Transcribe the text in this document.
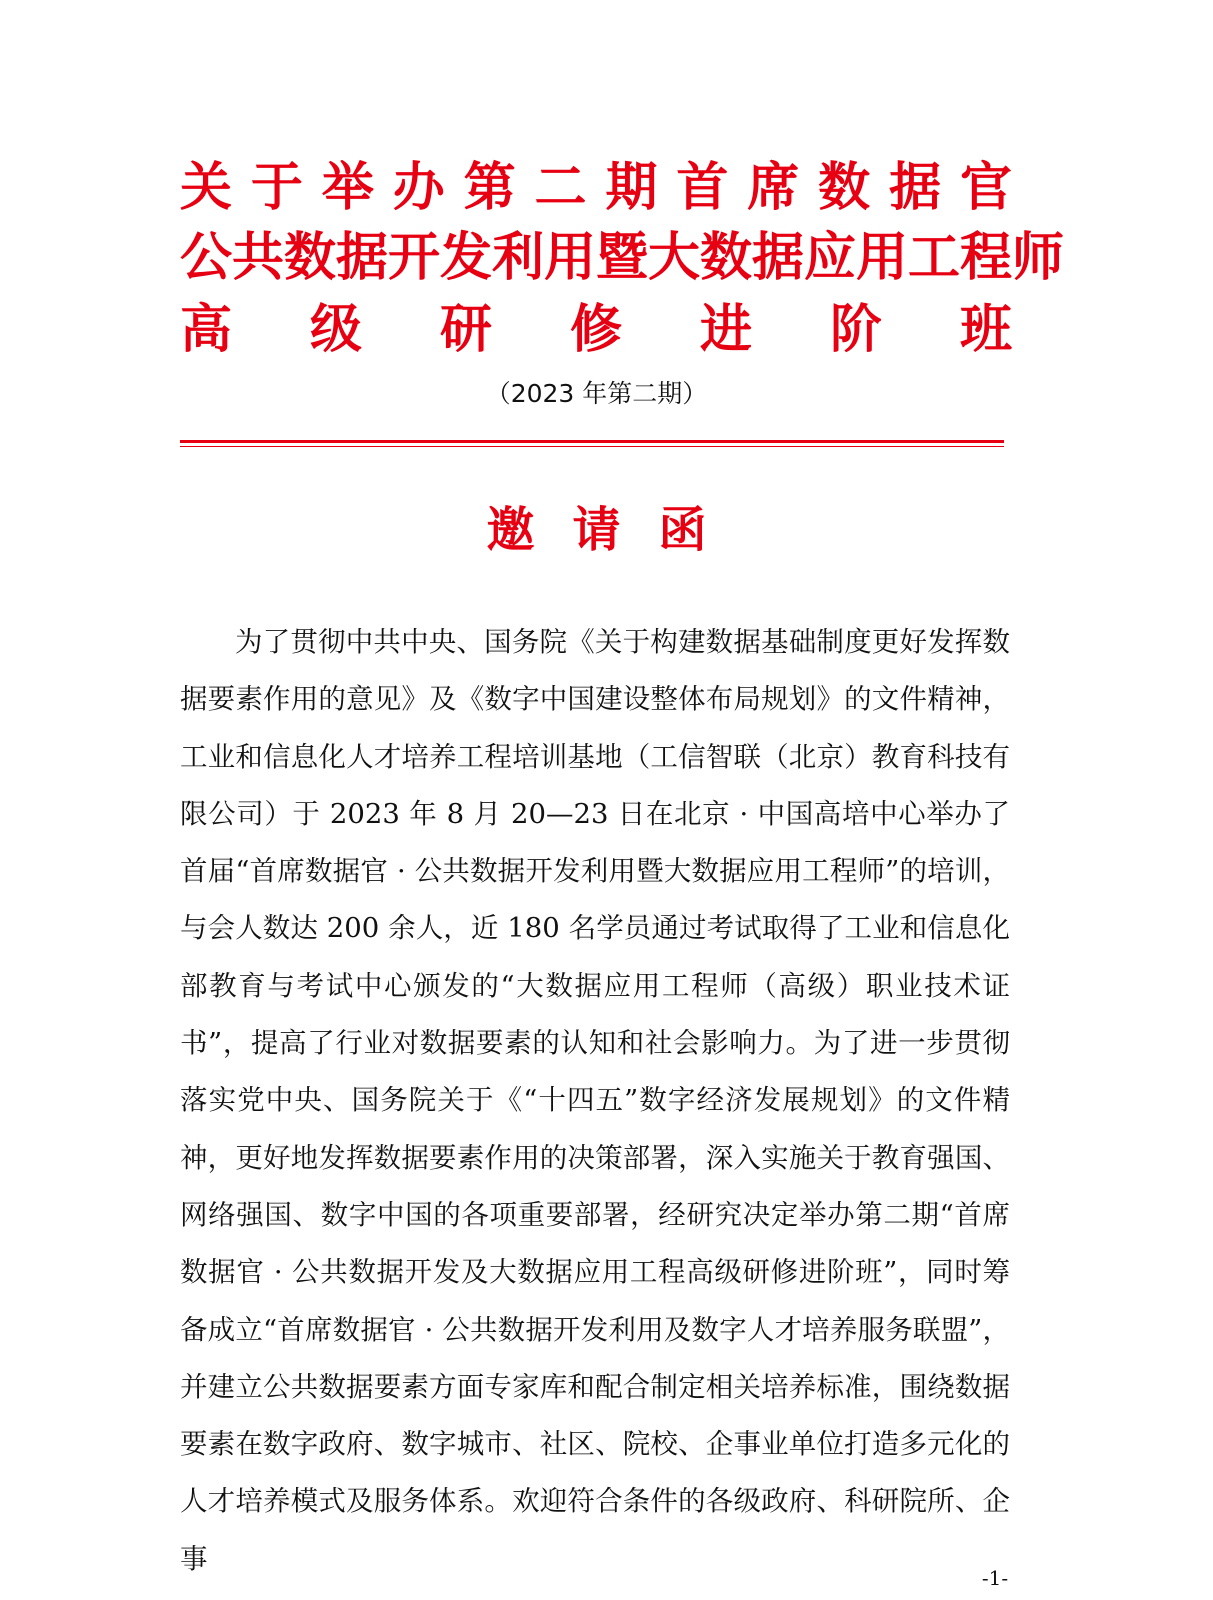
关于举办第二期首席数据官
公共数据开发利用暨大数据应用工程师
高级研修进阶班
（2023 年第二期）
邀请函

为了贯彻中共中央、国务院《关于构建数据基础制度更好发挥数据要素作用的意见》及《数字中国建设整体布局规划》的文件精神，工业和信息化人才培养工程培训基地（工信智联（北京）教育科技有限公司）于 2023 年 8 月 20—23 日在北京 · 中国高培中心举办了首届“首席数据官 · 公共数据开发利用暨大数据应用工程师”的培训，与会人数达 200 余人，近 180 名学员通过考试取得了工业和信息化部教育与考试中心颁发的“大数据应用工程师（高级）职业技术证书”，提高了行业对数据要素的认知和社会影响力。为了进一步贯彻落实党中央、国务院关于《“十四五”数字经济发展规划》的文件精神，更好地发挥数据要素作用的决策部署，深入实施关于教育强国、网络强国、数字中国的各项重要部署，经研究决定举办第二期“首席数据官 · 公共数据开发及大数据应用工程高级研修进阶班”，同时筹备成立“首席数据官 · 公共数据开发利用及数字人才培养服务联盟”，并建立公共数据要素方面专家库和配合制定相关培养标准，围绕数据要素在数字政府、数字城市、社区、院校、企事业单位打造多元化的人才培养模式及服务体系。欢迎符合条件的各级政府、科研院所、企事

-1-
